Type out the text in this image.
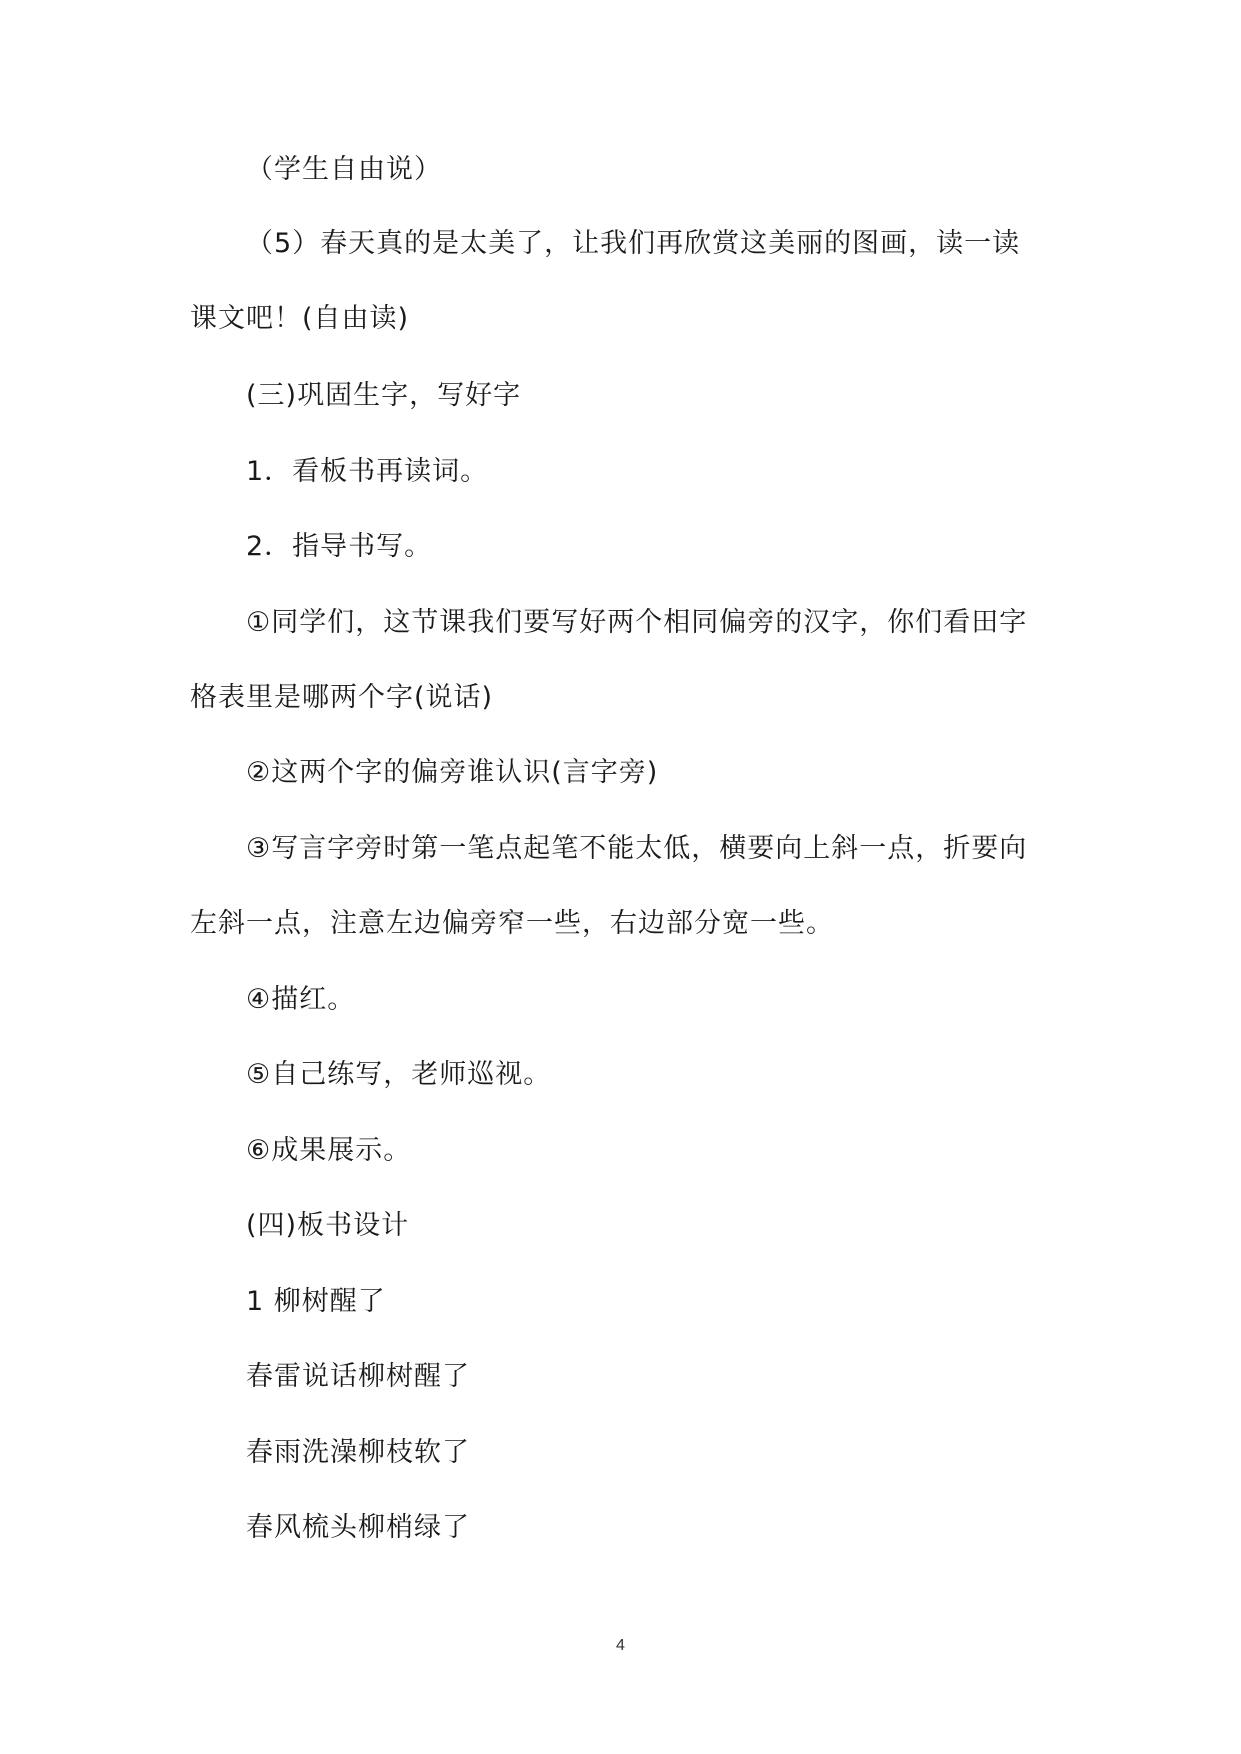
（学生自由说）
（5）春天真的是太美了，让我们再欣赏这美丽的图画，读一读
课文吧！(自由读)
(三)巩固生字，写好字
1．看板书再读词。
2．指导书写。
①同学们，这节课我们要写好两个相同偏旁的汉字，你们看田字
格表里是哪两个字(说话)
②这两个字的偏旁谁认识(言字旁)
③写言字旁时第一笔点起笔不能太低，横要向上斜一点，折要向
左斜一点，注意左边偏旁窄一些，右边部分宽一些。
④描红。
⑤自己练写，老师巡视。
⑥成果展示。
(四)板书设计
1 柳树醒了
春雷说话柳树醒了
春雨洗澡柳枝软了
春风梳头柳梢绿了
4
